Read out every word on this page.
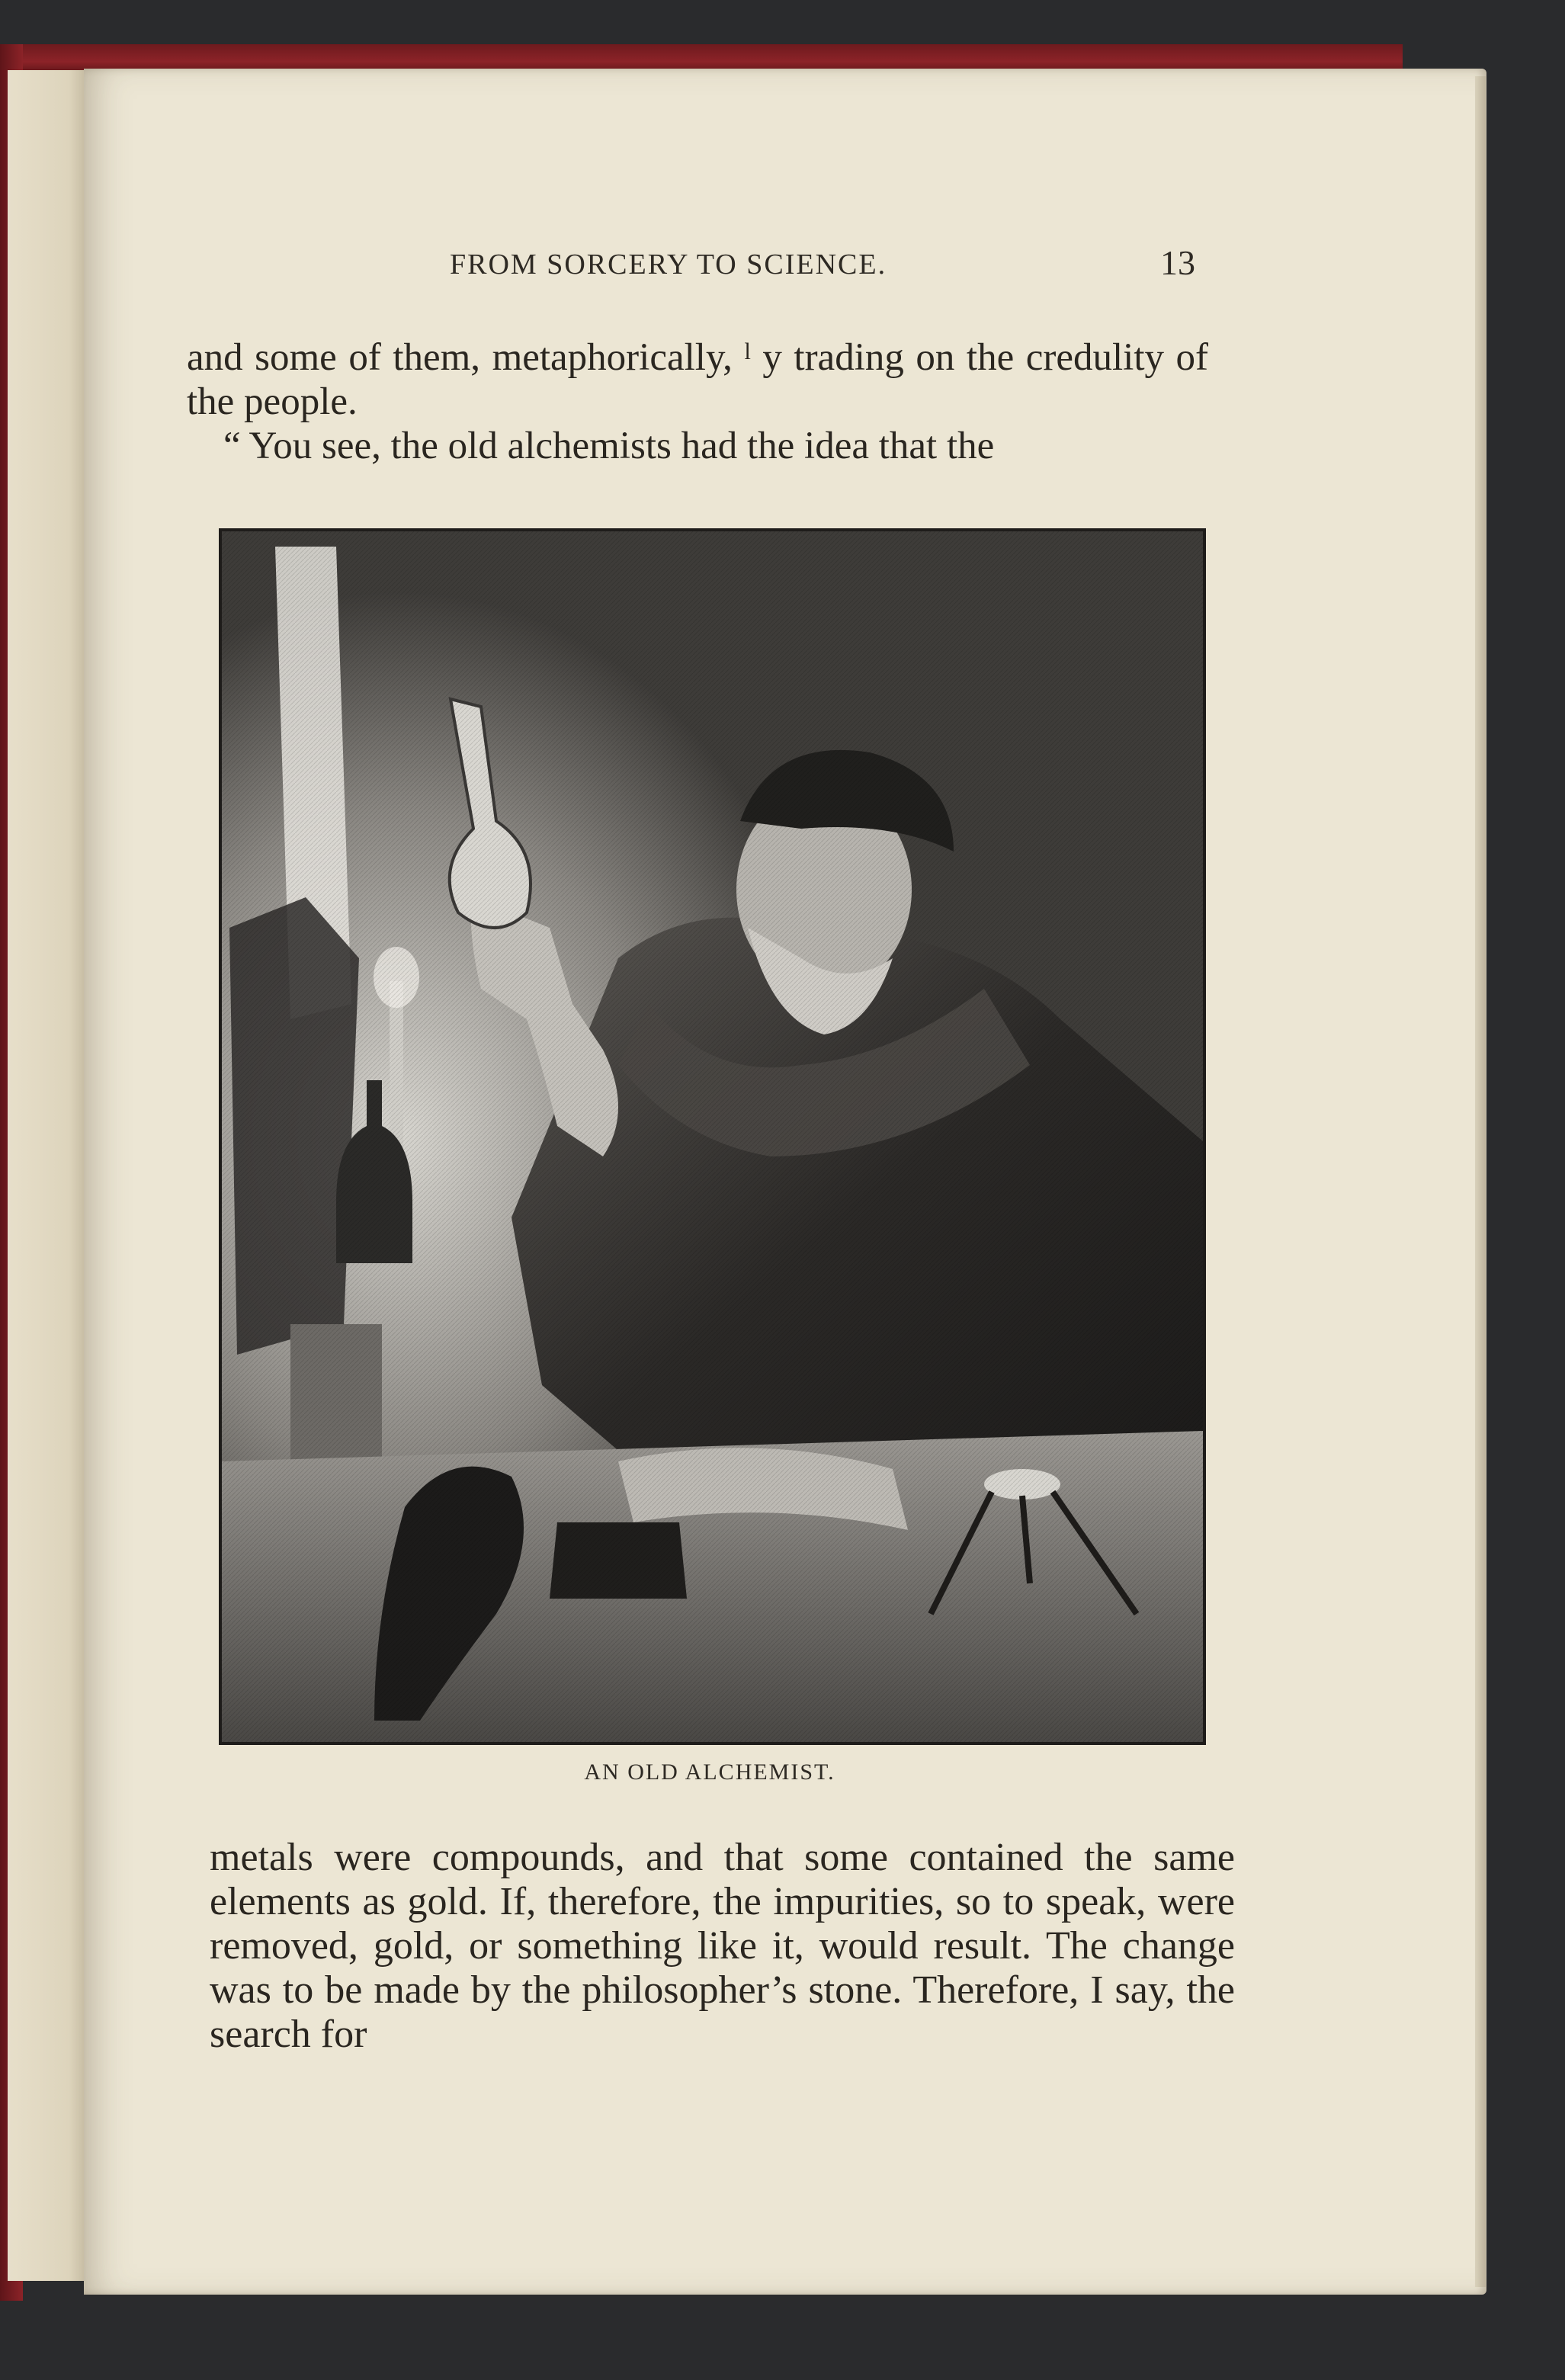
FROM SORCERY TO SCIENCE.	13

and some of them, metaphorically, ˡ y trading on the credulity of the people.

“ You see, the old alchemists had the idea that the

AN OLD ALCHEMIST.

metals were compounds, and that some contained the same elements as gold. If, therefore, the impurities, so to speak, were removed, gold, or something like it, would result. The change was to be made by the philosopher’s stone. Therefore, I say, the search for
